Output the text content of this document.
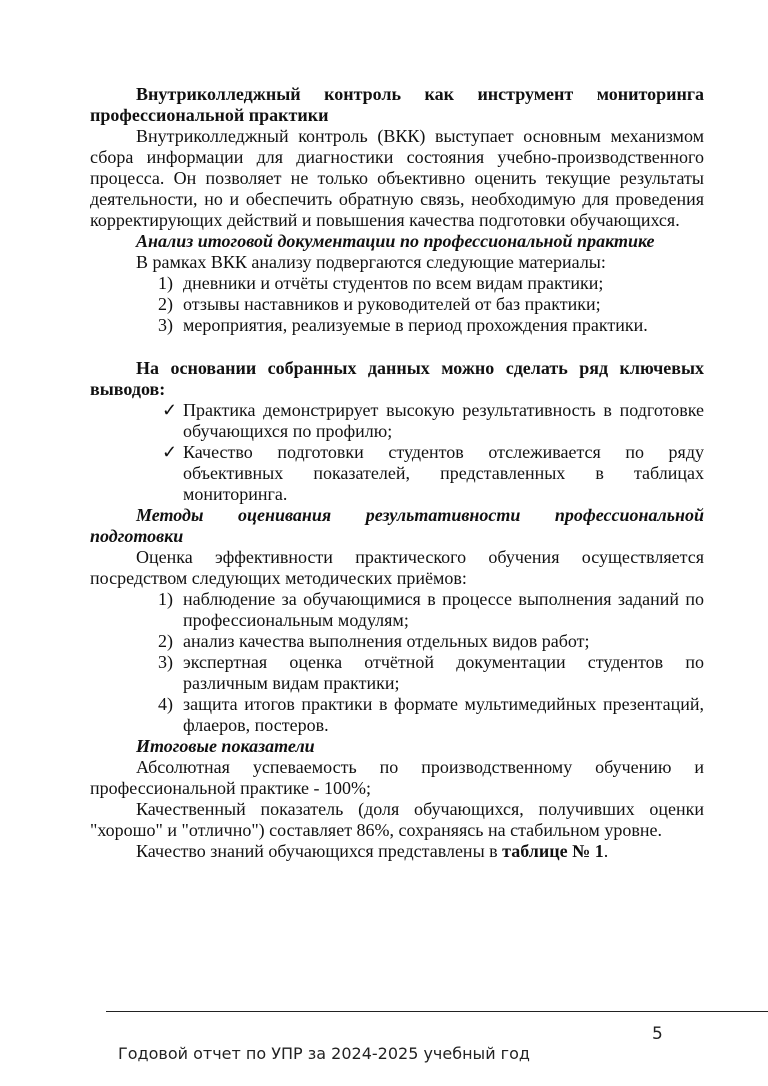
Внутриколледжный контроль как инструмент мониторинга профессиональной практики

Внутриколледжный контроль (ВКК) выступает основным механизмом сбора информации для диагностики состояния учебно-производственного процесса. Он позволяет не только объективно оценить текущие результаты деятельности, но и обеспечить обратную связь, необходимую для проведения корректирующих действий и повышения качества подготовки обучающихся.

Анализ итоговой документации по профессиональной практике

В рамках ВКК анализу подвергаются следующие материалы:

1) дневники и отчёты студентов по всем видам практики;
2) отзывы наставников и руководителей от баз практики;
3) мероприятия, реализуемые в период прохождения практики.

На основании собранных данных можно сделать ряд ключевых выводов:

✓ Практика демонстрирует высокую результативность в подготовке обучающихся по профилю;
✓ Качество подготовки студентов отслеживается по ряду объективных показателей, представленных в таблицах мониторинга.

Методы оценивания результативности профессиональной подготовки

Оценка эффективности практического обучения осуществляется посредством следующих методических приёмов:

1) наблюдение за обучающимися в процессе выполнения заданий по профессиональным модулям;
2) анализ качества выполнения отдельных видов работ;
3) экспертная оценка отчётной документации студентов по различным видам практики;
4) защита итогов практики в формате мультимедийных презентаций, флаеров, постеров.

Итоговые показатели

Абсолютная успеваемость по производственному обучению и профессиональной практике - 100%;

Качественный показатель (доля обучающихся, получивших оценки "хорошо" и "отлично") составляет 86%, сохраняясь на стабильном уровне.

Качество знаний обучающихся представлены в таблице № 1.

5
Годовой отчет по УПР за 2024-2025 учебный год
